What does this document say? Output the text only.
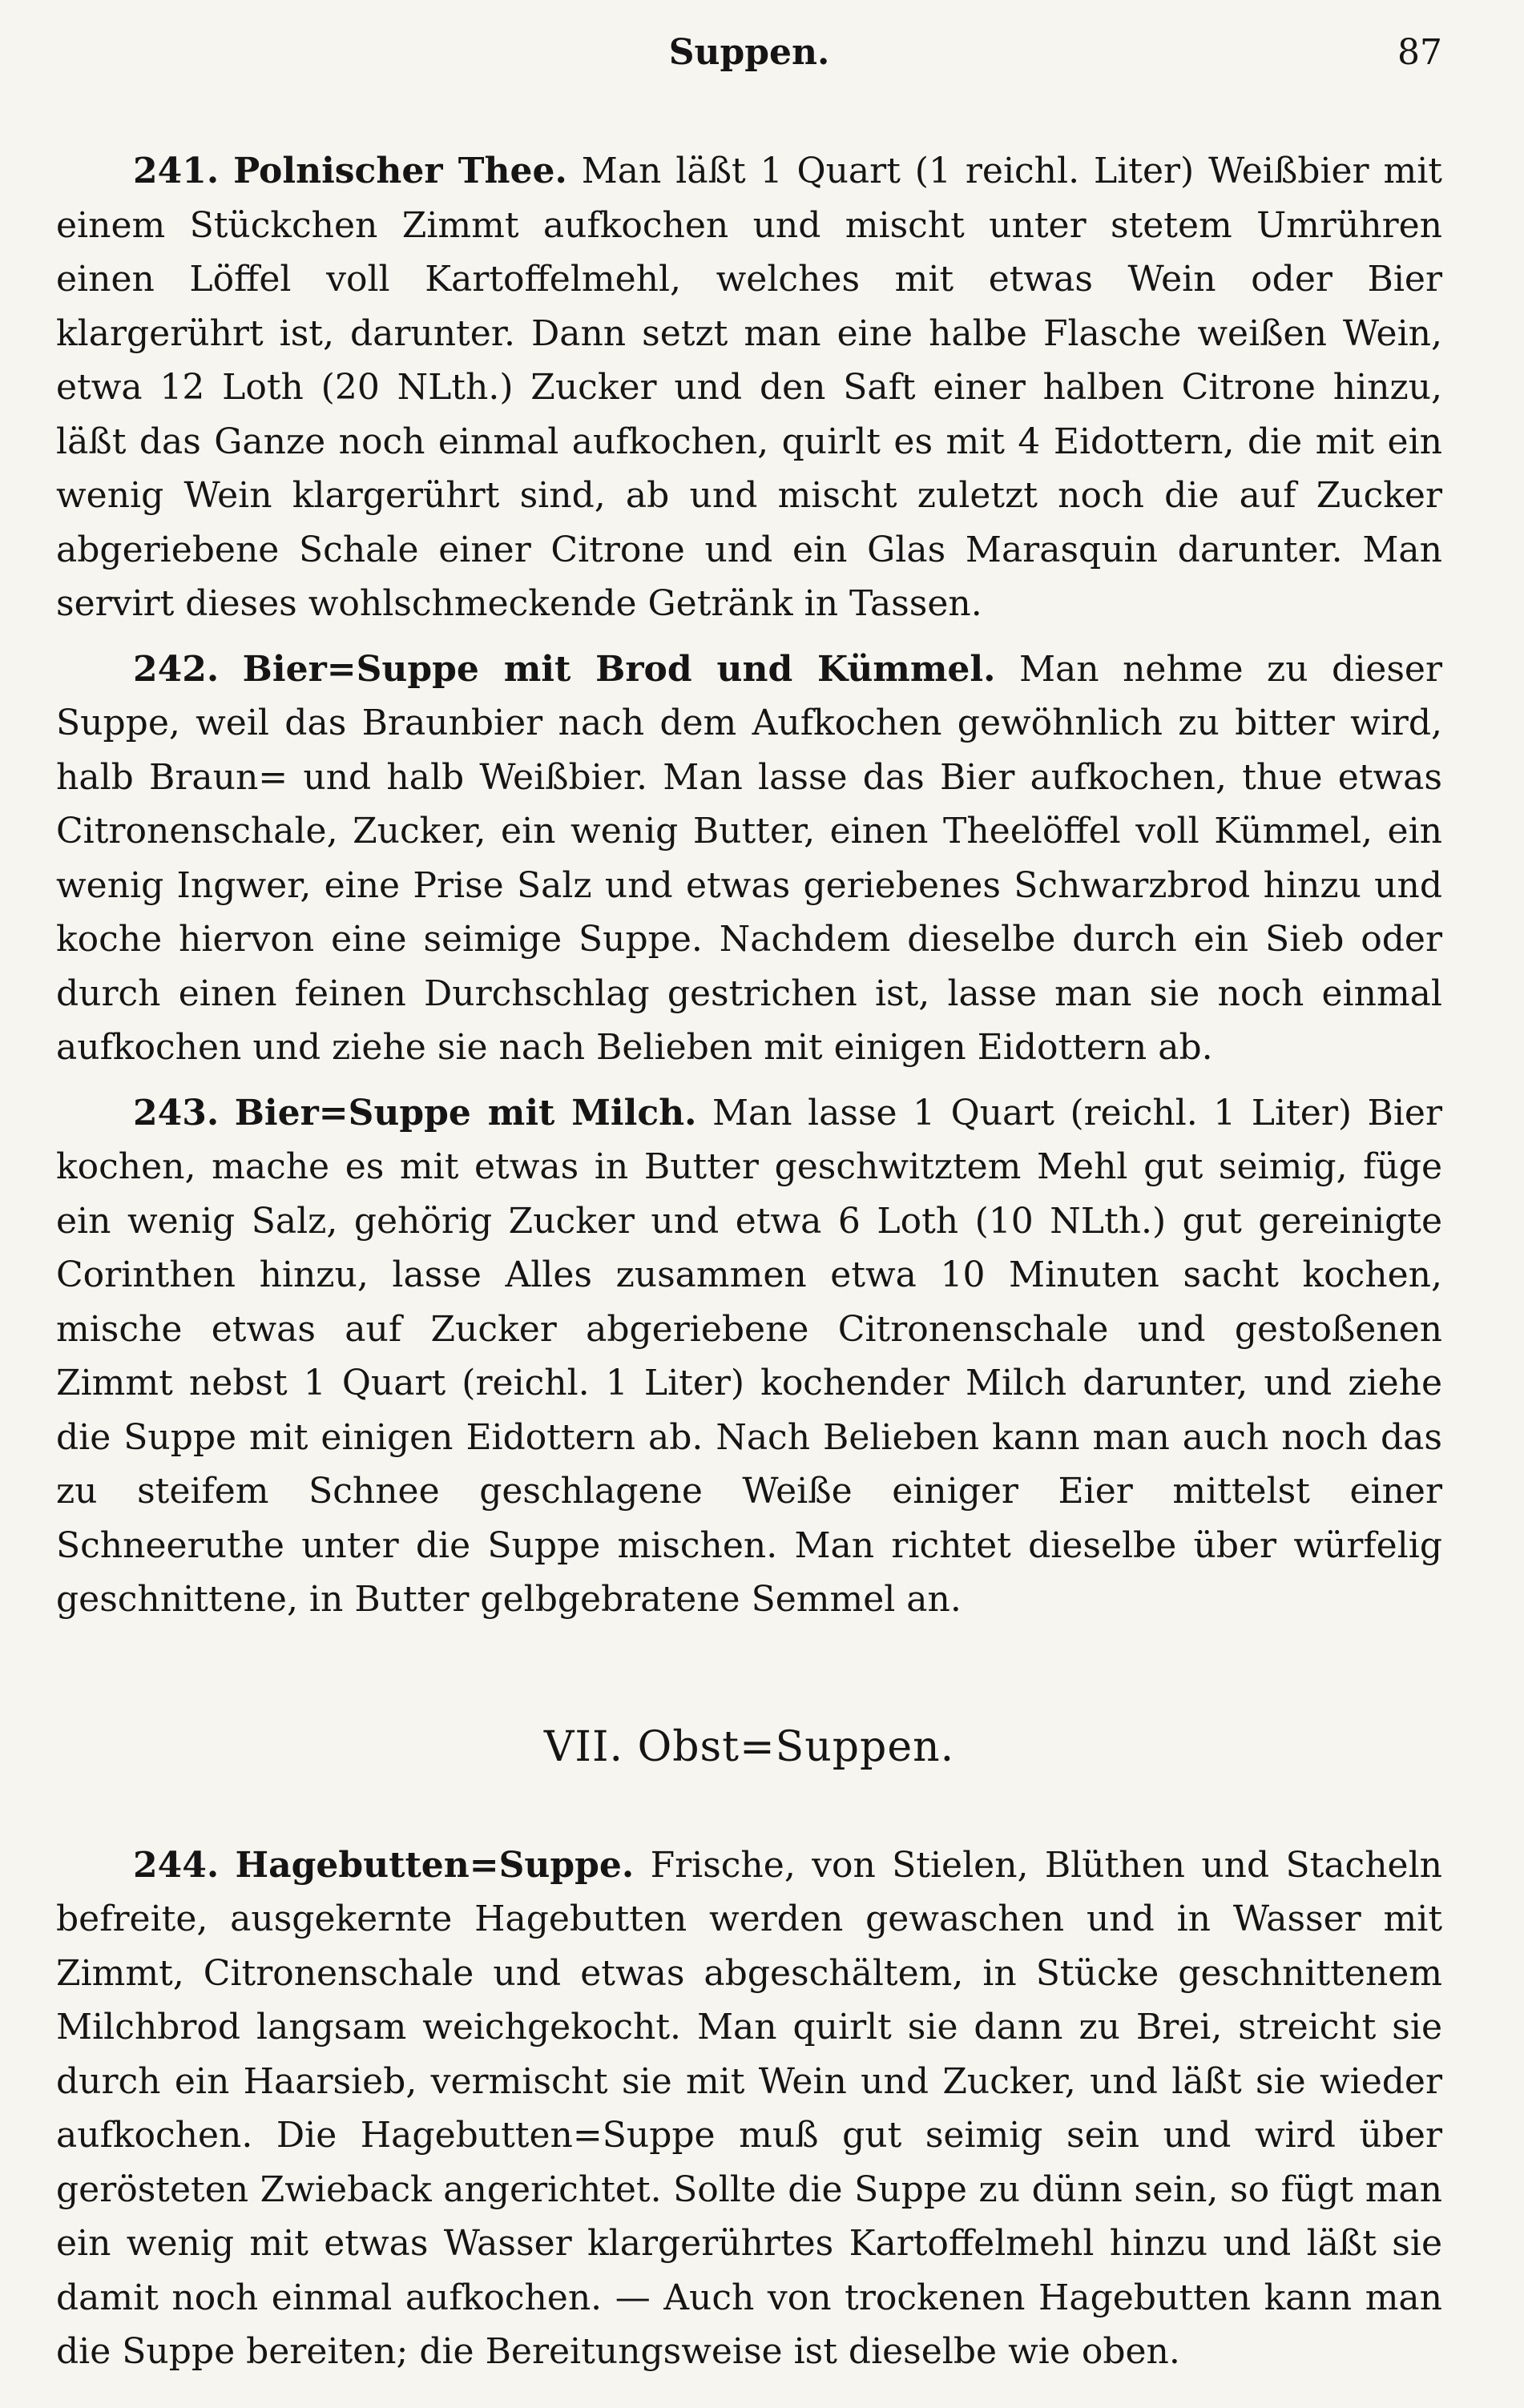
Suppen.	87

241. Polnischer Thee. Man läßt 1 Quart (1 reichl. Liter) Weißbier mit einem Stückchen Zimmt aufkochen und mischt unter stetem Umrühren einen Löffel voll Kartoffelmehl, welches mit etwas Wein oder Bier klargerührt ist, darunter. Dann setzt man eine halbe Flasche weißen Wein, etwa 12 Loth (20 NLth.) Zucker und den Saft einer halben Citrone hinzu, läßt das Ganze noch einmal aufkochen, quirlt es mit 4 Eidottern, die mit ein wenig Wein klargerührt sind, ab und mischt zuletzt noch die auf Zucker abgeriebene Schale einer Citrone und ein Glas Marasquin darunter. Man servirt dieses wohlschmeckende Getränk in Tassen.

242. Bier=Suppe mit Brod und Kümmel. Man nehme zu dieser Suppe, weil das Braunbier nach dem Aufkochen gewöhnlich zu bitter wird, halb Braun= und halb Weißbier. Man lasse das Bier aufkochen, thue etwas Citronenschale, Zucker, ein wenig Butter, einen Theelöffel voll Kümmel, ein wenig Ingwer, eine Prise Salz und etwas geriebenes Schwarzbrod hinzu und koche hiervon eine seimige Suppe. Nachdem dieselbe durch ein Sieb oder durch einen feinen Durchschlag gestrichen ist, lasse man sie noch einmal aufkochen und ziehe sie nach Belieben mit einigen Eidottern ab.

243. Bier=Suppe mit Milch. Man lasse 1 Quart (reichl. 1 Liter) Bier kochen, mache es mit etwas in Butter geschwitztem Mehl gut seimig, füge ein wenig Salz, gehörig Zucker und etwa 6 Loth (10 NLth.) gut gereinigte Corinthen hinzu, lasse Alles zusammen etwa 10 Minuten sacht kochen, mische etwas auf Zucker abgeriebene Citronenschale und gestoßenen Zimmt nebst 1 Quart (reichl. 1 Liter) kochender Milch darunter, und ziehe die Suppe mit einigen Eidottern ab. Nach Belieben kann man auch noch das zu steifem Schnee geschlagene Weiße einiger Eier mittelst einer Schneeruthe unter die Suppe mischen. Man richtet dieselbe über würfelig geschnittene, in Butter gelbgebratene Semmel an.

VII. Obst=Suppen.

244. Hagebutten=Suppe. Frische, von Stielen, Blüthen und Stacheln befreite, ausgekernte Hagebutten werden gewaschen und in Wasser mit Zimmt, Citronenschale und etwas abgeschältem, in Stücke geschnittenem Milchbrod langsam weichgekocht. Man quirlt sie dann zu Brei, streicht sie durch ein Haarsieb, vermischt sie mit Wein und Zucker, und läßt sie wieder aufkochen. Die Hagebutten=Suppe muß gut seimig sein und wird über gerösteten Zwieback angerichtet. Sollte die Suppe zu dünn sein, so fügt man ein wenig mit etwas Wasser klargerührtes Kartoffelmehl hinzu und läßt sie damit noch einmal aufkochen. — Auch von trockenen Hagebutten kann man die Suppe bereiten; die Bereitungsweise ist dieselbe wie oben.
